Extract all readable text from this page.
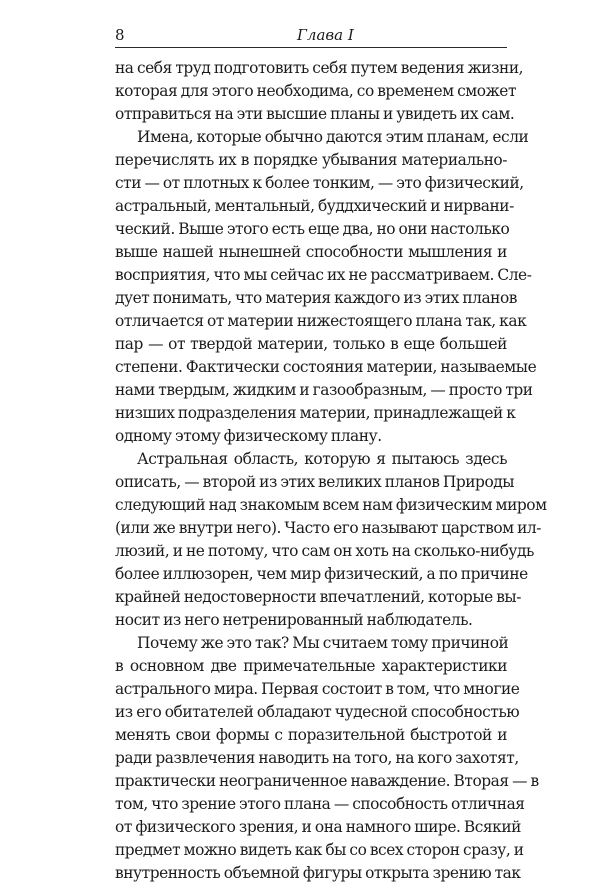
8	Глава I
на себя труд подготовить себя путем ведения жизни,
которая для этого необходима, со временем сможет
отправиться на эти высшие планы и увидеть их сам.
Имена, которые обычно даются этим планам, если
перечислять их в порядке убывания материально-
сти — от плотных к более тонким, — это физический,
астральный, ментальный, буддхический и нирвани-
ческий. Выше этого есть еще два, но они настолько
выше нашей нынешней способности мышления и
восприятия, что мы сейчас их не рассматриваем. Сле-
дует понимать, что материя каждого из этих планов
отличается от материи нижестоящего плана так, как
пар — от твердой материи, только в еще большей
степени. Фактически состояния материи, называемые
нами твердым, жидким и газообразным, — просто три
низших подразделения материи, принадлежащей к
одному этому физическому плану.
Астральная область, которую я пытаюсь здесь
описать, — второй из этих великих планов Природы
следующий над знакомым всем нам физическим миром
(или же внутри него). Часто его называют царством ил-
люзий, и не потому, что сам он хоть на сколько-нибудь
более иллюзорен, чем мир физический, а по причине
крайней недостоверности впечатлений, которые вы-
носит из него нетренированный наблюдатель.
Почему же это так? Мы считаем тому причиной
в основном две примечательные характеристики
астрального мира. Первая состоит в том, что многие
из его обитателей обладают чудесной способностью
менять свои формы с поразительной быстротой и
ради развлечения наводить на того, на кого захотят,
практически неограниченное наваждение. Вторая — в
том, что зрение этого плана — способность отличная
от физического зрения, и она намного шире. Всякий
предмет можно видеть как бы со всех сторон сразу, и
внутренность объемной фигуры открыта зрению так
